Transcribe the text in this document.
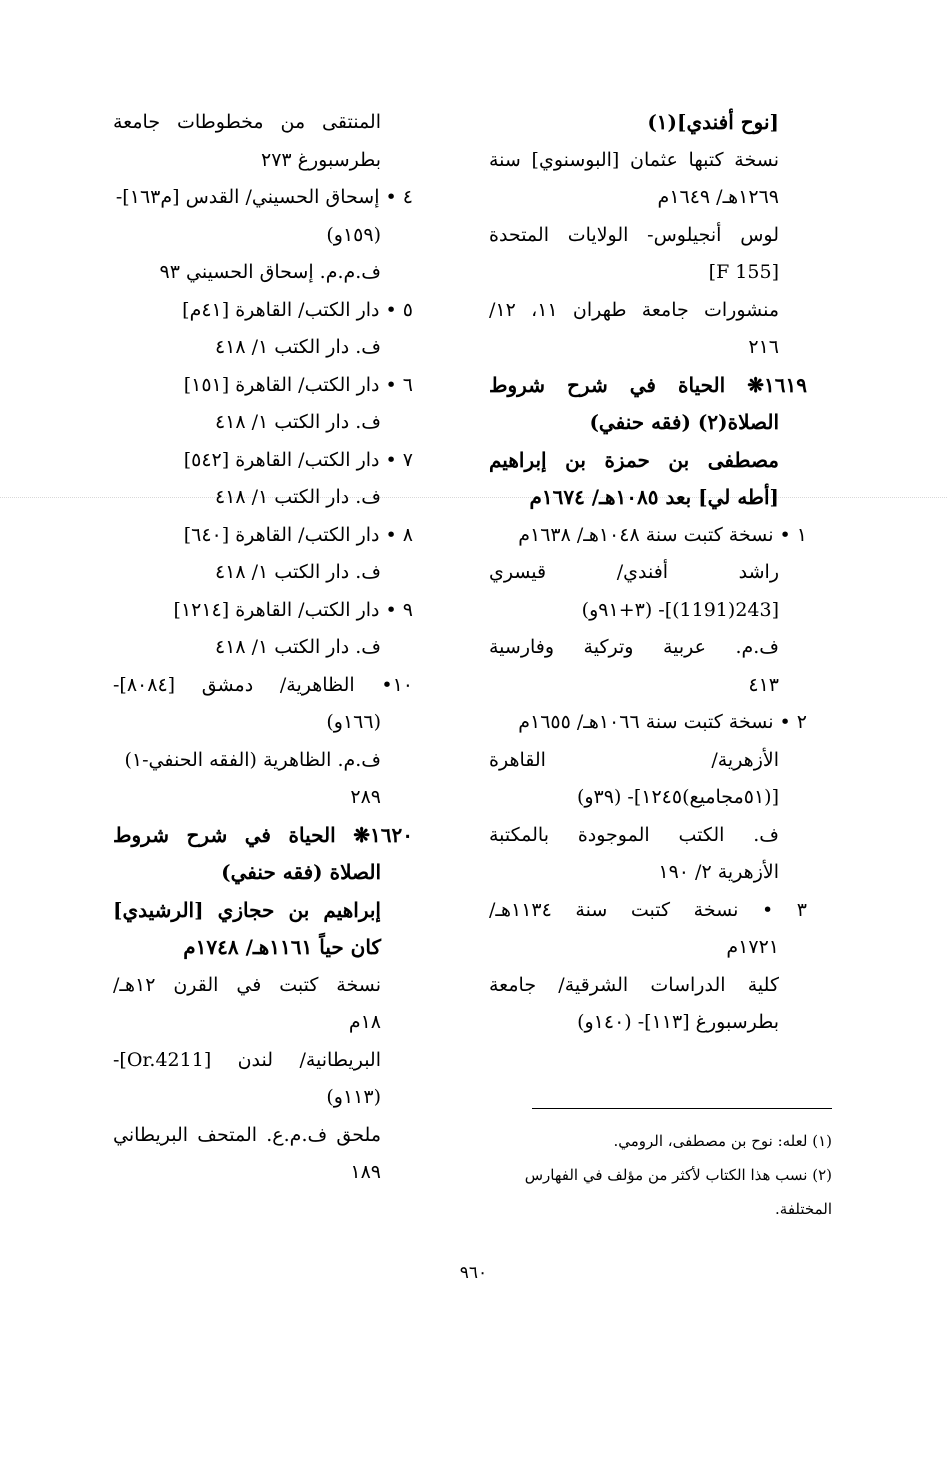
[نوح أفندي](١)
نسخة كتبها عثمان [البوسنوي] سنة
١٢٦٩هـ/ ١٦٤٩م
لوس أنجيلوس- الولايات المتحدة
[F 155]
منشورات جامعة طهران ١١، ١٢/
٢١٦
١٦١٩❋ الحياة في شرح شروط
الصلاة(٢) (فقه حنفي)
مصطفى بن حمزة بن إبراهيم
[أطه لي] بعد ١٠٨٥هـ/ ١٦٧٤م
١ • نسخة كتبت سنة ١٠٤٨هـ/ ١٦٣٨م
راشد أفندي/ قيسري
[243(1191)]- (٣+٩١و)
ف.م. عربية وتركية وفارسية
٤١٣
٢ • نسخة كتبت سنة ١٠٦٦هـ/ ١٦٥٥م
الأزهرية/ القاهرة
[(٥١مجاميع)١٢٤٥]- (٣٩و)
ف. الكتب الموجودة بالمكتبة
الأزهرية ٢/ ١٩٠
٣ • نسخة كتبت سنة ١١٣٤هـ/
١٧٢١م
كلية الدراسات الشرقية/ جامعة
بطرسبورغ [١١٣]- (١٤٠و)
المنتقى من مخطوطات جامعة
بطرسبورغ ٢٧٣
٤ • إسحاق الحسيني/ القدس [م١٦٣]-
(١٥٩و)
ف.م.م. إسحاق الحسيني ٩٣
٥ • دار الكتب/ القاهرة [٤١م]
ف. دار الكتب ١/ ٤١٨
٦ • دار الكتب/ القاهرة [١٥١]
ف. دار الكتب ١/ ٤١٨
٧ • دار الكتب/ القاهرة [٥٤٢]
ف. دار الكتب ١/ ٤١٨
٨ • دار الكتب/ القاهرة [٦٤٠]
ف. دار الكتب ١/ ٤١٨
٩ • دار الكتب/ القاهرة [١٢١٤]
ف. دار الكتب ١/ ٤١٨
١٠• الظاهرية/ دمشق [٨٠٨٤]-
(١٦٦و)
ف.م. الظاهرية (الفقه الحنفي-١)
٢٨٩
١٦٢٠❋ الحياة في شرح شروط
الصلاة (فقه حنفي)
إبراهيم بن حجازي [الرشيدي]
كان حياً ١١٦١هـ/ ١٧٤٨م
نسخة كتبت في القرن ١٢هـ/
١٨م
البريطانية/ لندن [Or.4211]-
(١١٣و)
ملحق ف.م.ع. المتحف البريطاني
١٨٩
(١) لعله: نوح بن مصطفى، الرومي.
(٢) نسب هذا الكتاب لأكثر من مؤلف في الفهارس
المختلفة.
٩٦٠
